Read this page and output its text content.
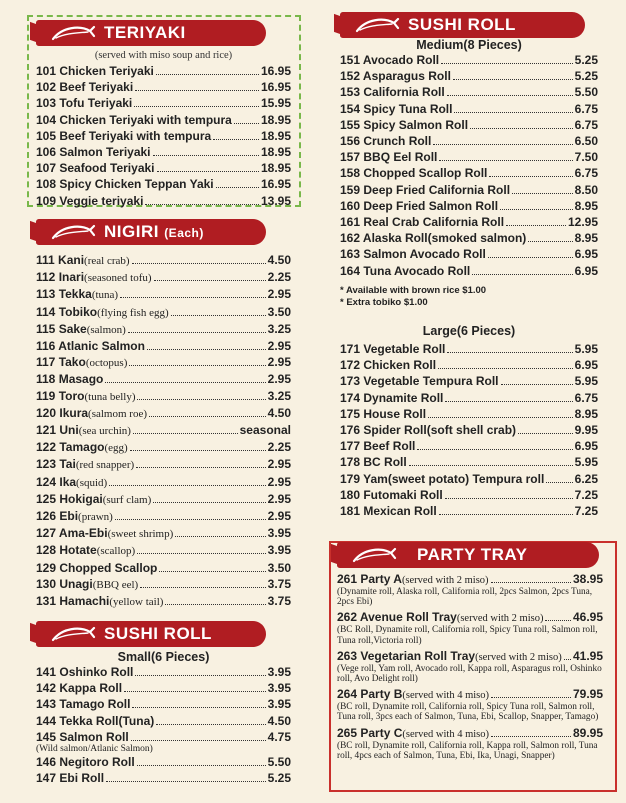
TERIYAKI
(served with miso soup and rice)
101 Chicken Teriyaki	16.95
102 Beef Teriyaki	16.95
103 Tofu Teriyaki	15.95
104 Chicken Teriyaki with tempura 18.95
105 Beef Teriyaki with tempura	18.95
106 Salmon Teriyaki	18.95
107 Seafood Teriyaki	18.95
108 Spicy Chicken Teppan Yaki	16.95
109 Veggie teriyaki	13.95
NIGIRI (Each)
111 Kani(real crab)	4.50
112 Inari(seasoned tofu)	2.25
113 Tekka(tuna)	2.95
114 Tobiko(flying fish egg)	3.50
115 Sake(salmon)	3.25
116 Atlanic Salmon	2.95
117 Tako(octopus)	2.95
118 Masago	2.95
119 Toro(tuna belly)	3.25
120 Ikura(salmom roe)	4.50
121 Uni(sea urchin)	seasonal
122 Tamago(egg)	2.25
123 Tai(red snapper)	2.95
124 Ika(squid)	2.95
125 Hokigai(surf clam)	2.95
126 Ebi(prawn)	2.95
127 Ama-Ebi(sweet shrimp)	3.95
128 Hotate(scallop)	3.95
129 Chopped Scallop	3.50
130 Unagi(BBQ eel)	3.75
131 Hamachi(yellow tail)	3.75
SUSHI ROLL
Small(6 Pieces)
141 Oshinko Roll	3.95
142 Kappa Roll	3.95
143 Tamago Roll	3.95
144 Tekka Roll(Tuna)	4.50
145 Salmon Roll	4.75
(Wild salmon/Atlanic Salmon)
146 Negitoro Roll	5.50
147 Ebi Roll	5.25
SUSHI ROLL
Medium(8 Pieces)
151 Avocado Roll	5.25
152 Asparagus Roll	5.25
153 California Roll	5.50
154 Spicy Tuna Roll	6.75
155 Spicy Salmon Roll	6.75
156 Crunch Roll	6.50
157 BBQ Eel Roll	7.50
158 Chopped Scallop Roll	6.75
159 Deep Fried California Roll	8.50
160 Deep Fried Salmon Roll	8.95
161 Real Crab California Roll	12.95
162 Alaska Roll(smoked salmon)	8.95
163 Salmon Avocado Roll	6.95
164 Tuna Avocado Roll	6.95
* Available with brown rice $1.00
* Extra tobiko $1.00
Large(6 Pieces)
171 Vegetable Roll	5.95
172 Chicken Roll	6.95
173 Vegetable Tempura Roll	5.95
174 Dynamite Roll	6.75
175 House Roll	8.95
176 Spider Roll(soft shell crab)	9.95
177 Beef Roll	6.95
178 BC Roll	5.95
179 Yam(sweet potato) Tempura roll	6.25
180 Futomaki Roll	7.25
181 Mexican Roll	7.25
PARTY TRAY
261 Party A (served with 2 miso)	38.95
(Dynamite roll, Alaska roll, California roll, 2pcs Salmon, 2pcs Tuna, 2pcs Ebi)
262 Avenue Roll Tray (served with 2 miso) 46.95
(BC Roll, Dynamite roll, California roll, Spicy Tuna roll, Salmon roll, Tuna roll,Victoria roll)
263 Vegetarian Roll Tray (served with 2 miso) 41.95
(Vege roll, Yam roll, Avocado roll, Kappa roll, Asparagus roll, Oshinko roll, Avo Delight roll)
264 Party B (served with 4 miso)	79.95
(BC roll, Dynamite roll, California roll, Spicy Tuna roll, Salmon roll, Tuna roll, 3pcs each of Salmon, Tuna, Ebi, Scallop, Snapper, Tamago)
265 Party C (served with 4 miso)	89.95
(BC roll, Dynamite roll, California roll, Kappa roll, Salmon roll, Tuna roll, 4pcs each of Salmon, Tuna, Ebi, Ika, Unagi, Snapper)
